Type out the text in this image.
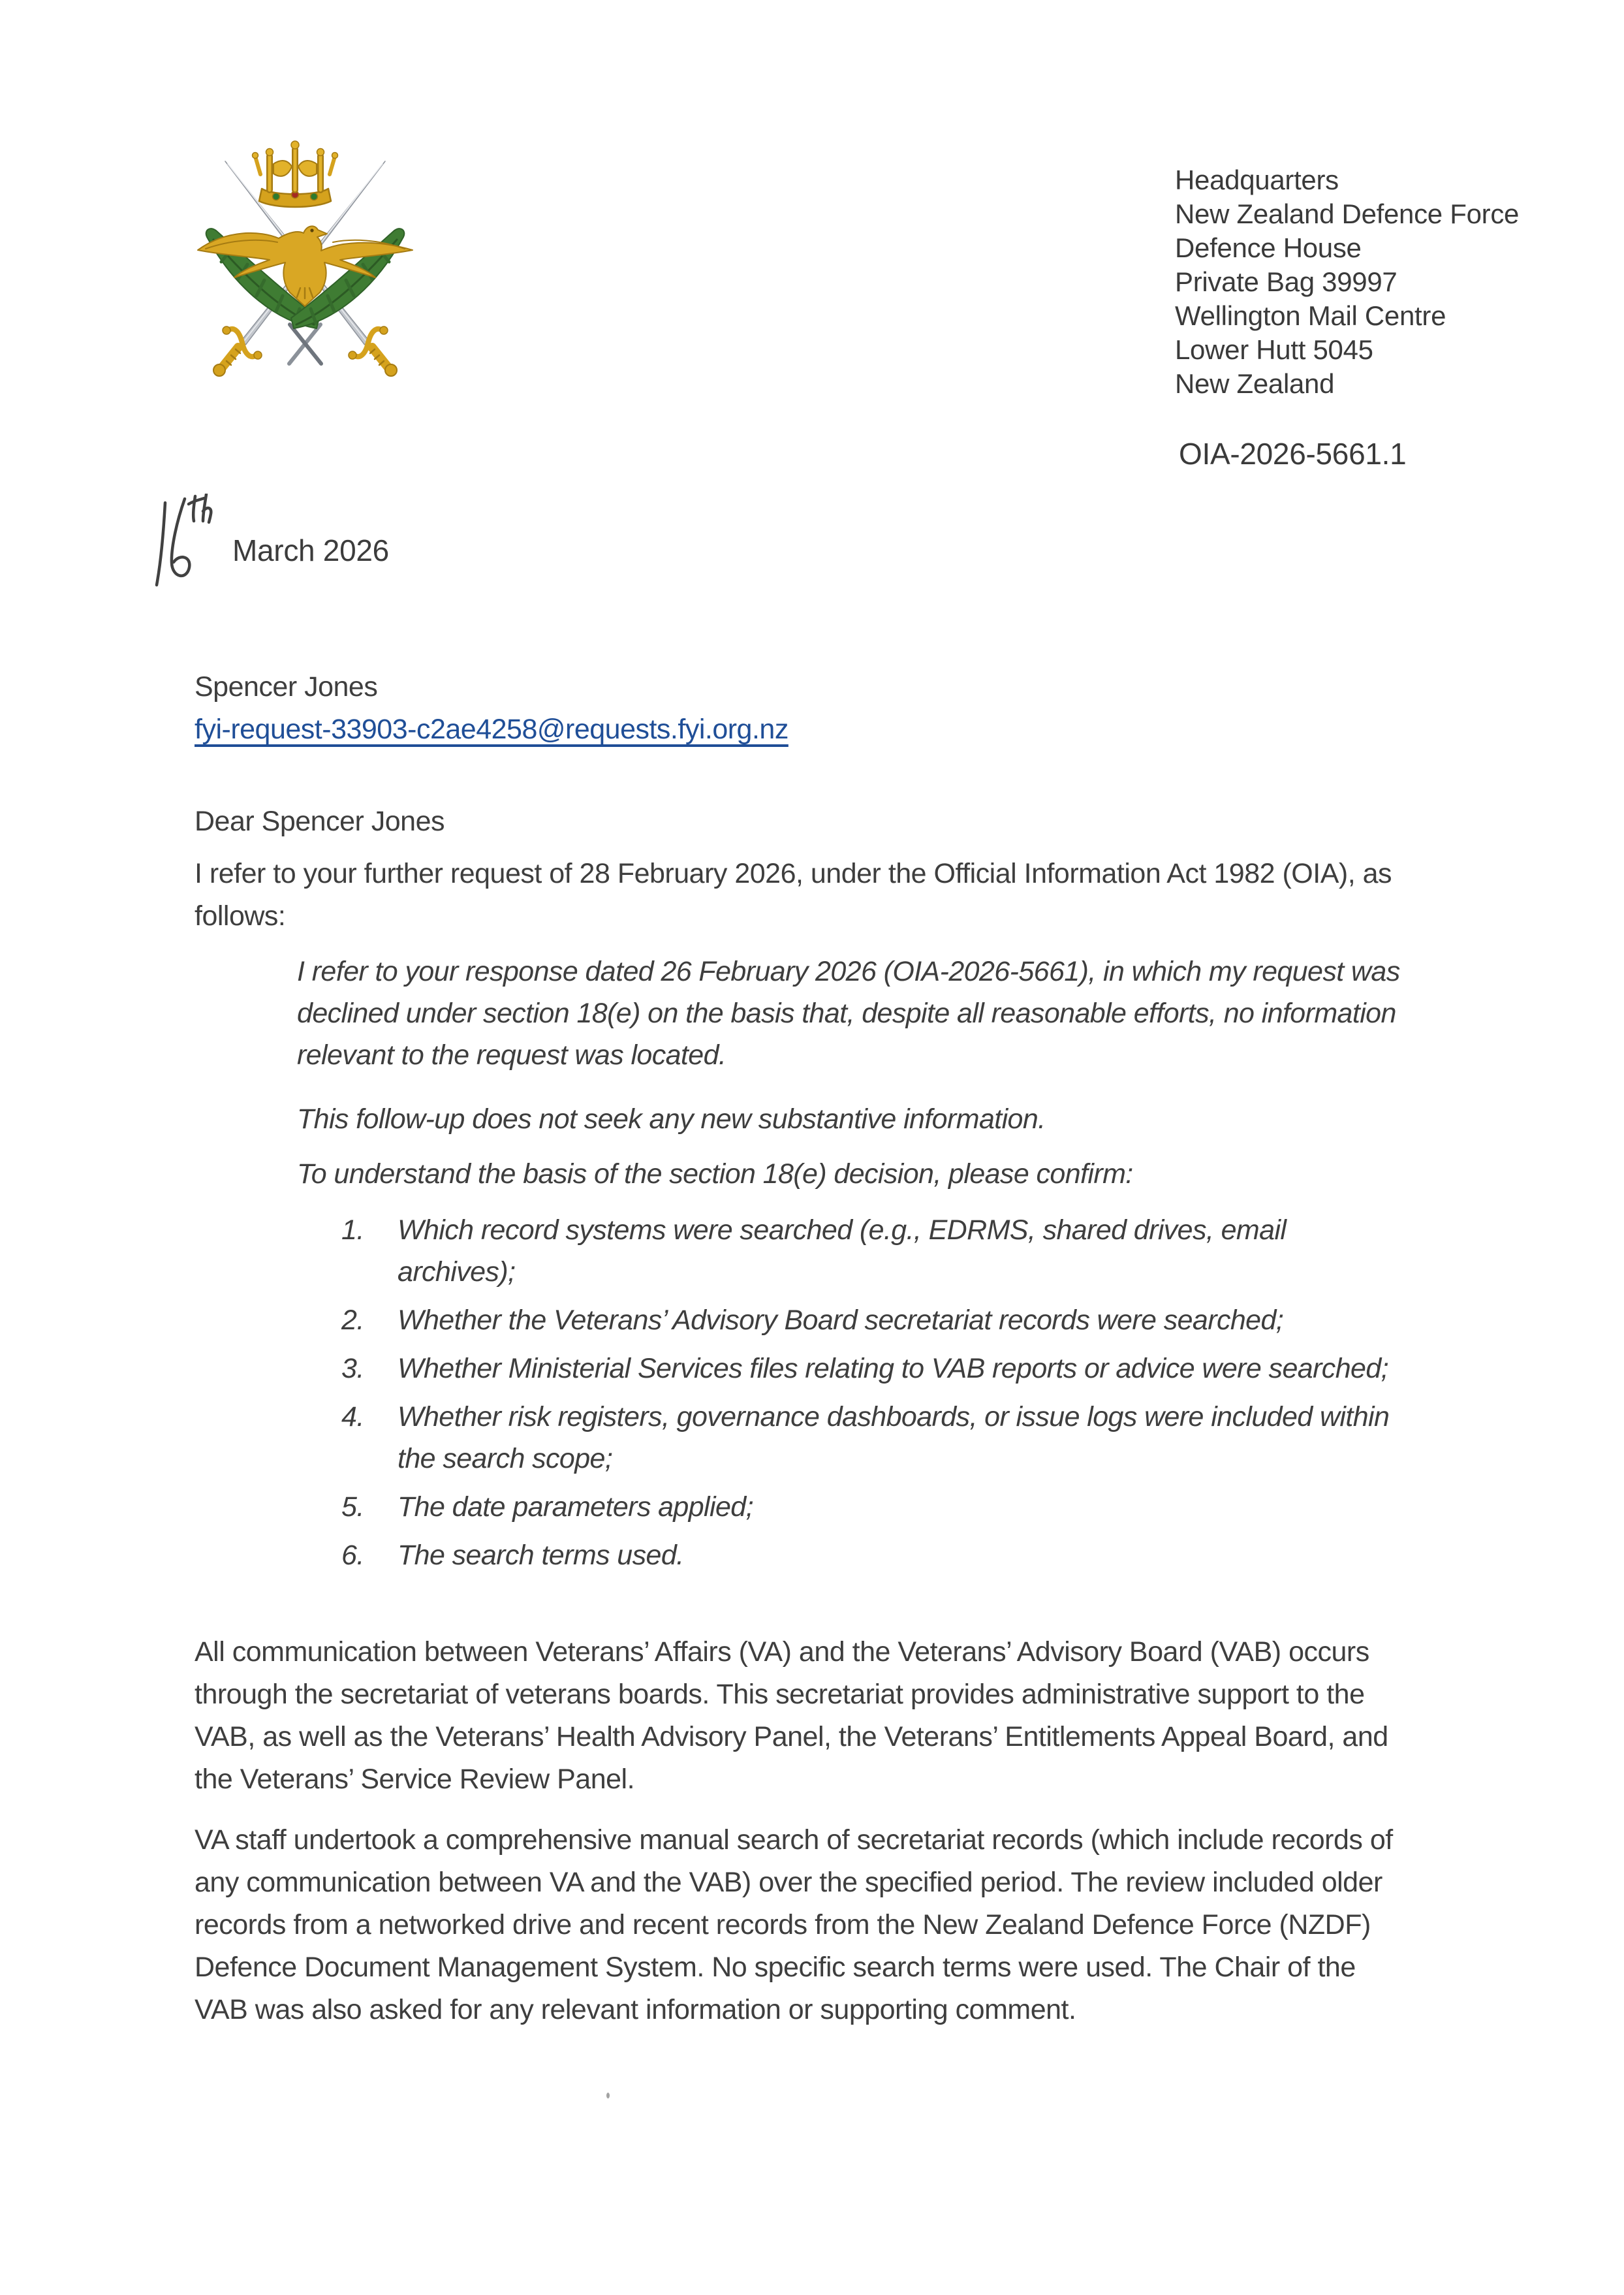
Headquarters
New Zealand Defence Force
Defence House
Private Bag 39997
Wellington Mail Centre
Lower Hutt 5045
New Zealand
OIA-2026-5661.1
March 2026
Spencer Jones
fyi-request-33903-c2ae4258@requests.fyi.org.nz
Dear Spencer Jones
I refer to your further request of 28 February 2026, under the Official Information Act 1982 (OIA), as follows:

I refer to your response dated 26 February 2026 (OIA-2026-5661), in which my request was declined under section 18(e) on the basis that, despite all reasonable efforts, no information relevant to the request was located.

This follow-up does not seek any new substantive information.

To understand the basis of the section 18(e) decision, please confirm:

1.	Which record systems were searched (e.g., EDRMS, shared drives, email archives);
2.	Whether the Veterans’ Advisory Board secretariat records were searched;
3.	Whether Ministerial Services files relating to VAB reports or advice were searched;
4.	Whether risk registers, governance dashboards, or issue logs were included within the search scope;
5.	The date parameters applied;
6.	The search terms used.

All communication between Veterans’ Affairs (VA) and the Veterans’ Advisory Board (VAB) occurs through the secretariat of veterans boards. This secretariat provides administrative support to the VAB, as well as the Veterans’ Health Advisory Panel, the Veterans’ Entitlements Appeal Board, and the Veterans’ Service Review Panel.

VA staff undertook a comprehensive manual search of secretariat records (which include records of any communication between VA and the VAB) over the specified period. The review included older records from a networked drive and recent records from the New Zealand Defence Force (NZDF) Defence Document Management System. No specific search terms were used. The Chair of the VAB was also asked for any relevant information or supporting comment.
